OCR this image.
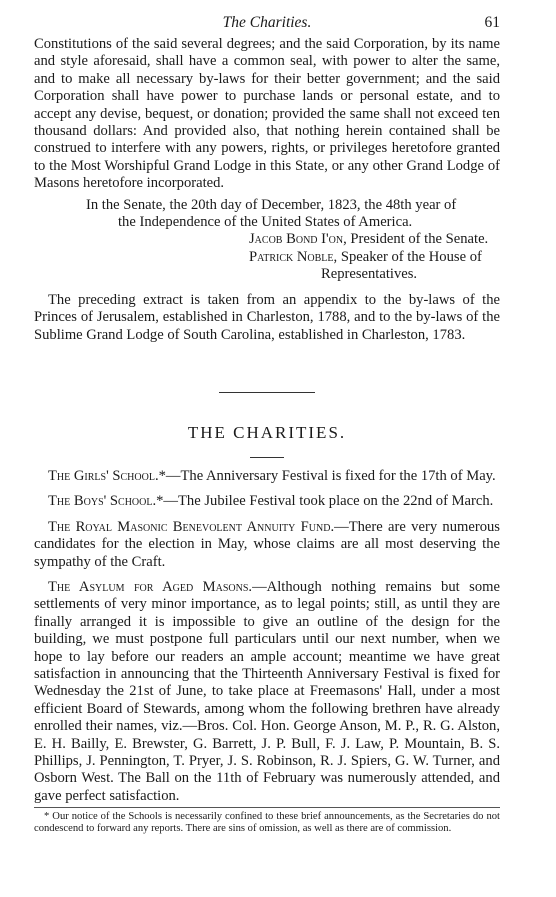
The Charities.	61

Constitutions of the said several degrees; and the said Corporation, by its name and style aforesaid, shall have a common seal, with power to alter the same, and to make all necessary by-laws for their better government; and the said Corporation shall have power to purchase lands or personal estate, and to accept any devise, bequest, or donation; provided the same shall not exceed ten thousand dollars: And provided also, that nothing herein contained shall be construed to interfere with any powers, rights, or privileges heretofore granted to the Most Worshipful Grand Lodge in this State, or any other Grand Lodge of Masons heretofore incorporated.

In the Senate, the 20th day of December, 1823, the 48th year of
the Independence of the United States of America.
Jacob Bond I'on, President of the Senate.
Patrick Noble, Speaker of the House of
Representatives.

The preceding extract is taken from an appendix to the by-laws of the Princes of Jerusalem, established in Charleston, 1788, and to the by-laws of the Sublime Grand Lodge of South Carolina, established in Charleston, 1783.

THE CHARITIES.

The Girls' School.*—The Anniversary Festival is fixed for the 17th of May.

The Boys' School.*—The Jubilee Festival took place on the 22nd of March.

The Royal Masonic Benevolent Annuity Fund.—There are very numerous candidates for the election in May, whose claims are all most deserving the sympathy of the Craft.

The Asylum for Aged Masons.—Although nothing remains but some settlements of very minor importance, as to legal points; still, as until they are finally arranged it is impossible to give an outline of the design for the building, we must postpone full particulars until our next number, when we hope to lay before our readers an ample account; meantime we have great satisfaction in announcing that the Thirteenth Anniversary Festival is fixed for Wednesday the 21st of June, to take place at Freemasons' Hall, under a most efficient Board of Stewards, among whom the following brethren have already enrolled their names, viz.—Bros. Col. Hon. George Anson, M. P., R. G. Alston, E. H. Bailly, E. Brewster, G. Barrett, J. P. Bull, F. J. Law, P. Mountain, B. S. Phillips, J. Pennington, T. Pryer, J. S. Robinson, R. J. Spiers, G. W. Turner, and Osborn West. The Ball on the 11th of February was numerously attended, and gave perfect satisfaction.

* Our notice of the Schools is necessarily confined to these brief announcements, as the Secretaries do not condescend to forward any reports. There are sins of omission, as well as there are of commission.
